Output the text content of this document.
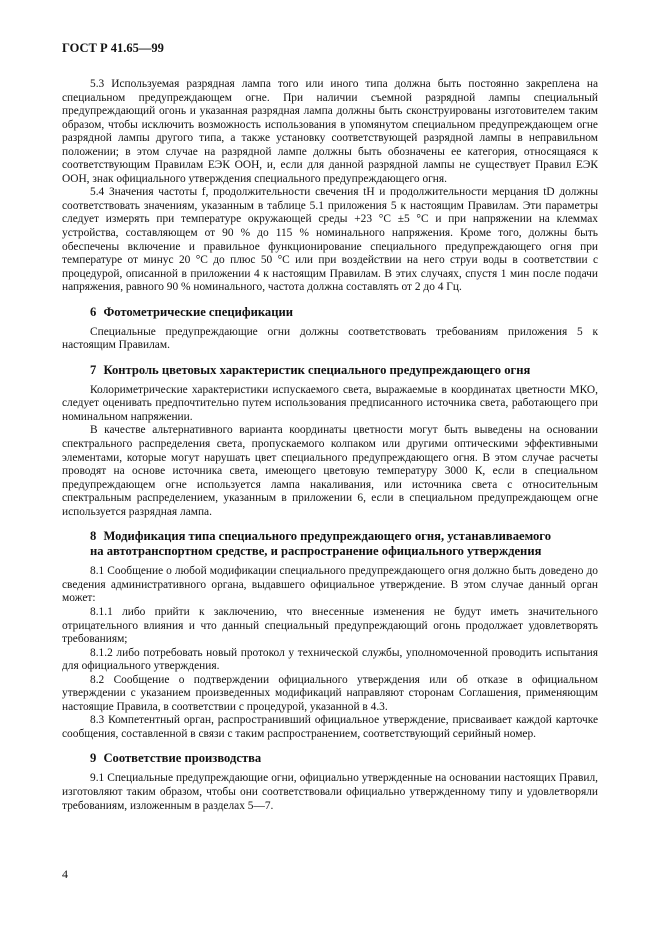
ГОСТ Р 41.65—99

5.3 Используемая разрядная лампа того или иного типа должна быть постоянно закреплена на специальном предупреждающем огне. При наличии съемной разрядной лампы специальный предупреждающий огонь и указанная разрядная лампа должны быть сконструированы изготовителем таким образом, чтобы исключить возможность использования в упомянутом специальном предупреждающем огне разрядной лампы другого типа, а также установку соответствующей разрядной лампы в неправильном положении; в этом случае на разрядной лампе должны быть обозначены ее категория, относящаяся к соответствующим Правилам ЕЭК ООН, и, если для данной разрядной лампы не существует Правил ЕЭК ООН, знак официального утверждения специального предупреждающего огня.

5.4 Значения частоты f, продолжительности свечения tH и продолжительности мерцания tD должны соответствовать значениям, указанным в таблице 5.1 приложения 5 к настоящим Правилам. Эти параметры следует измерять при температуре окружающей среды +23 °С ±5 °С и при напряжении на клеммах устройства, составляющем от 90 % до 115 % номинального напряжения. Кроме того, должны быть обеспечены включение и правильное функционирование специального предупреждающего огня при температуре от минус 20 °С до плюс 50 °С или при воздействии на него струи воды в соответствии с процедурой, описанной в приложении 4 к настоящим Правилам. В этих случаях, спустя 1 мин после подачи напряжения, равного 90 % номинального, частота должна составлять от 2 до 4 Гц.

6 Фотометрические спецификации

Специальные предупреждающие огни должны соответствовать требованиям приложения 5 к настоящим Правилам.

7 Контроль цветовых характеристик специального предупреждающего огня

Колориметрические характеристики испускаемого света, выражаемые в координатах цветности МКО, следует оценивать предпочтительно путем использования предписанного источника света, работающего при номинальном напряжении.

В качестве альтернативного варианта координаты цветности могут быть выведены на основании спектрального распределения света, пропускаемого колпаком или другими оптическими эффективными элементами, которые могут нарушать цвет специального предупреждающего огня. В этом случае расчеты проводят на основе источника света, имеющего цветовую температуру 3000 К, если в специальном предупреждающем огне используется лампа накаливания, или источника света с относительным спектральным распределением, указанным в приложении 6, если в специальном предупреждающем огне используется разрядная лампа.

8 Модификация типа специального предупреждающего огня, устанавливаемого
на автотранспортном средстве, и распространение официального утверждения

8.1 Сообщение о любой модификации специального предупреждающего огня должно быть доведено до сведения административного органа, выдавшего официальное утверждение. В этом случае данный орган может:

8.1.1 либо прийти к заключению, что внесенные изменения не будут иметь значительного отрицательного влияния и что данный специальный предупреждающий огонь продолжает удовлетворять требованиям;

8.1.2 либо потребовать новый протокол у технической службы, уполномоченной проводить испытания для официального утверждения.

8.2 Сообщение о подтверждении официального утверждения или об отказе в официальном утверждении с указанием произведенных модификаций направляют сторонам Соглашения, применяющим настоящие Правила, в соответствии с процедурой, указанной в 4.3.

8.3 Компетентный орган, распространивший официальное утверждение, присваивает каждой карточке сообщения, составленной в связи с таким распространением, соответствующий серийный номер.

9 Соответствие производства

9.1 Специальные предупреждающие огни, официально утвержденные на основании настоящих Правил, изготовляют таким образом, чтобы они соответствовали официально утвержденному типу и удовлетворяли требованиям, изложенным в разделах 5—7.

4
